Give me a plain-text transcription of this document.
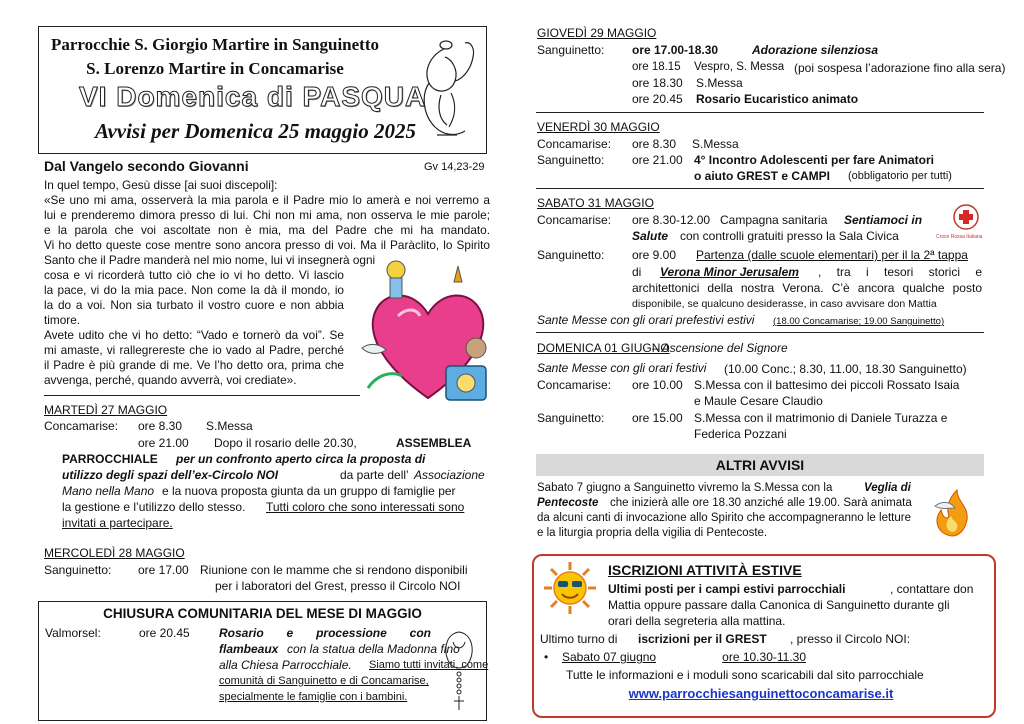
Parrocchie S. Giorgio Martire in Sanguinetto
S. Lorenzo Martire in Concamarise
VI Domenica di PASQUA
Avvisi per Domenica 25 maggio 2025
Dal Vangelo secondo Giovanni	Gv 14,23-29
In quel tempo, Gesù disse [ai suoi discepoli]:
«Se uno mi ama, osserverà la mia parola e il Padre mio lo amerà e noi verremo a
lui e prenderemo dimora presso di lui. Chi non mi ama, non osserva le mie parole;
e la parola che voi ascoltate non è mia, ma del Padre che mi ha mandato.
Vi ho detto queste cose mentre sono ancora presso di voi. Ma il Paràclito, lo Spirito
Santo che il Padre manderà nel mio nome, lui vi insegnerà ogni
cosa e vi ricorderà tutto ciò che io vi ho detto. Vi lascio
la pace, vi do la mia pace. Non come la dà il mondo, io
la do a voi. Non sia turbato il vostro cuore e non abbia
timore.
Avete udito che vi ho detto: “Vado e tornerò da voi”. Se
mi amaste, vi rallegrereste che io vado al Padre, perché
il Padre è più grande di me. Ve l’ho detto ora, prima che
avvenga, perché, quando avverrà, voi crediate».
MARTEDÌ 27 MAGGIO
Concamarise: ore 8.30 S.Messa
ore 21.00 Dopo il rosario delle 20.30,	ASSEMBLEA
PARROCCHIALE per un confronto aperto circa la proposta di
utilizzo degli spazi dell’ex-Circolo NOI	da parte dell’ Associazione
Mano nella Mano e la nuova proposta giunta da un gruppo di famiglie per
la gestione e l’utilizzo dello stesso. Tutti coloro che sono interessati sono
invitati a partecipare.
MERCOLEDÌ 28 MAGGIO
Sanguinetto: ore 17.00 Riunione con le mamme che si rendono disponibili
per i laboratori del Grest, presso il Circolo NOI
CHIUSURA COMUNITARIA DEL MESE DI MAGGIO
Valmorsel:	ore 20.45 Rosario e processione con
flambeaux con la statua della Madonna fino
alla Chiesa Parrocchiale. Siamo tutti invitati, come
comunità di Sanguinetto e di Concamarise,
specialmente le famiglie con i bambini.
GIOVEDÌ 29 MAGGIO
Sanguinetto: ore 17.00-18.30	Adorazione silenziosa
ore 18.15 Vespro, S. Messa (poi sospesa l’adorazione fino alla sera)
ore 18.30 S.Messa
ore 20.45 Rosario Eucaristico animato
VENERDÌ 30 MAGGIO
Concamarise: ore 8.30 S.Messa
Sanguinetto: ore 21.00 4° Incontro Adolescenti per fare Animatori
o aiuto GREST e CAMPI (obbligatorio per tutti)
SABATO 31 MAGGIO
Concamarise: ore 8.30-12.00 Campagna sanitaria Sentiamoci in
Salute con controlli gratuiti presso la Sala Civica	Croce Rossa Italiana
Sanguinetto: ore 9.00 Partenza (dalle scuole elementari) per il la 2ª tappa
di Verona Minor Jerusalem , tra i tesori storici e
architettonici della nostra Verona. C’è ancora qualche posto
disponibile, se qualcuno desiderasse, in caso avvisare don Mattia
Sante Messe con gli orari prefestivi estivi (18.00 Concamarise; 19.00 Sanguinetto)
DOMENICA 01 GIUGNO
– Ascensione del Signore
Sante Messe con gli orari festivi (10.00 Conc.; 8.30, 11.00, 18.30 Sanguinetto)
Concamarise: ore 10.00 S.Messa con il battesimo dei piccoli Rossato Isaia
e Maule Cesare Claudio
Sanguinetto: ore 15.00 S.Messa con il matrimonio di Daniele Turazza e
Federica Pozzani
ALTRI AVVISI
Sabato 7 giugno a Sanguinetto vivremo la S.Messa con la	Veglia di
Pentecoste che inizierà alle ore 18.30 anziché alle 19.00. Sarà animata
da alcuni canti di invocazione allo Spirito che accompagneranno le letture
e la liturgia propria della vigilia di Pentecoste.
ISCRIZIONI ATTIVITÀ ESTIVE
Ultimi posti per i campi estivi parrocchiali	, contattare don
Mattia oppure passare dalla Canonica di Sanguinetto durante gli
orari della segreteria alla mattina.
Ultimo turno di iscrizioni per il GREST , presso il Circolo NOI:
• Sabato 07 giugno	ore 10.30-11.30
Tutte le informazioni e i moduli sono scaricabili dal sito parrocchiale
www.parrocchiesanguinettoconcamarise.it
